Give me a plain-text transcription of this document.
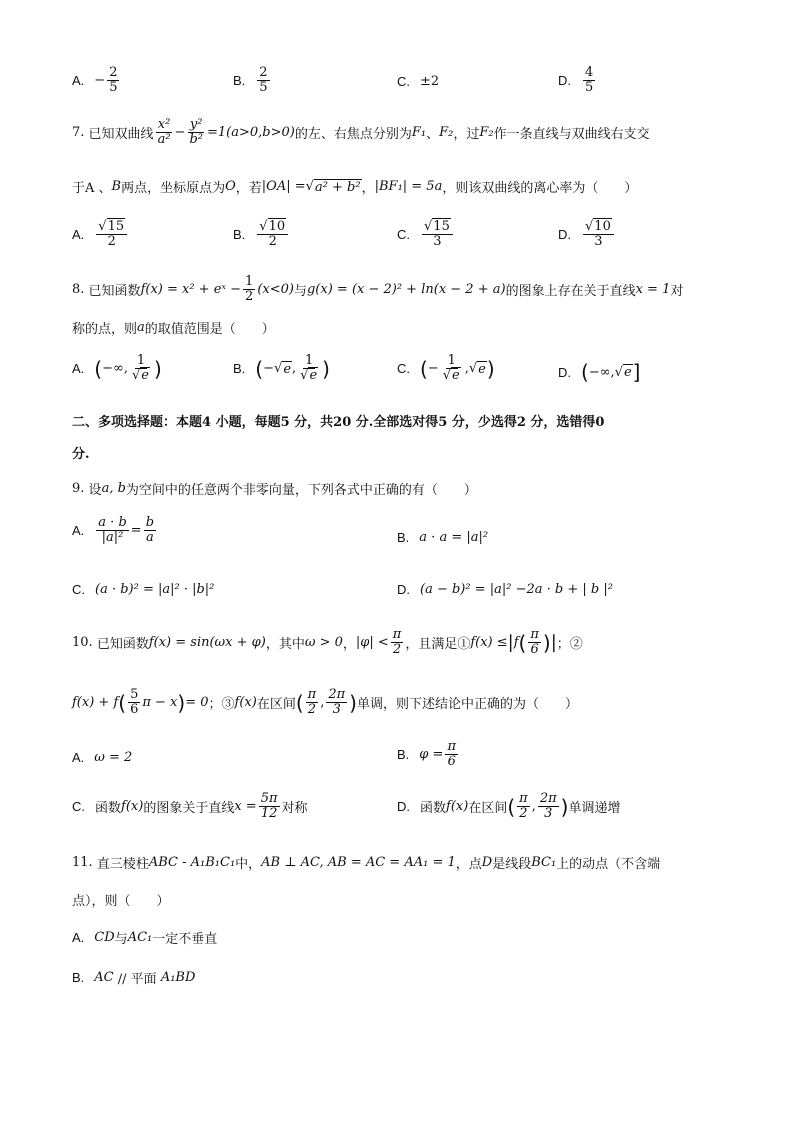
A. − $\frac{2}{5}$	B. $\frac{2}{5}$	C. ±2	D. $\frac{4}{5}$
7.
已知双曲线 $\frac{\text{x²}}{\text{a²}} - \frac{\text{y²}}{\text{b²}} =1(a>0,b>0)$ 的左、右焦点分别为 F₁ 、 F₂ ，过 F₂ 作一条直线与双曲线右支交
于A 、 B 两点，坐标原点为 O ，若 |OA| = √ a² + b² ， |BF₁| = 5a ，则该双曲线的离心率为（　　）
A. $\frac{√15}{2}$	B. $\frac{√10}{2}$	C. $\frac{√15}{3}$	D. $\frac{√10}{3}$
8.
已知函数 f(x) = x² + eˣ − $\frac{1}{2} (x<0)$ 与 g(x) = (x − 2)² + ln(x − 2 + a) 的图象上存在关于直线 x = 1 对
称的点，则 a 的取值范围是（　　）
A. ( −∞, $\frac{1}{√e}$ )	B. ( − √ e , $\frac{1}{√e}$ )	C. ( − $\frac{1}{√e}$ , √ e )	D. ( −∞, √ e ]
二、多项选择题：本题4 小题，每题5 分，共20 分.全部选对得5 分，少选得2 分，选错得0
分.
9.
设 a, b 为空间中的任意两个非零向量，下列各式中正确的有（　　）
A. $\frac{a \cdot b}{\text{|a|²}} = \frac{b}{a}$	B. a · a = |a|²
C. (a · b)² = |a|² · |b|²	D. (a − b)² = |a|² −2a · b + | b |²
10.
已知函数 f(x) = sin(ωx + φ) ，其中 ω > 0 ， $|\varphi| < \frac{\pi}{2}$ ，且满足① f(x) ≤ | f ( $\frac{\pi}{6}$ ) | ；②
f(x) + f ( $\frac{5}{6}$ π − x ) = 0 ；③ f(x) 在区间 ( $\frac{\pi}{2}$ , $\frac{2\pi}{3}$ ) 单调，则下述结论中正确的为（　　）
A. ω = 2	B. $\varphi = \frac{\pi}{6}$
C. 函数 f(x) 的图象关于直线 $x = \frac{5\pi}{12}$ 对称	D. 函数 f(x) 在区间 ( $\frac{\pi}{2}$ , $\frac{2\pi}{3}$ ) 单调递增
11.
直三棱柱 ABC - A₁B₁C₁ 中， AB ⊥ AC, AB = AC = AA₁ = 1 ，点 D 是线段 BC₁ 上的动点（不含端
点），则（　　）
A. CD 与 AC₁ 一定不垂直
B. AC
// 平面
A₁BD
